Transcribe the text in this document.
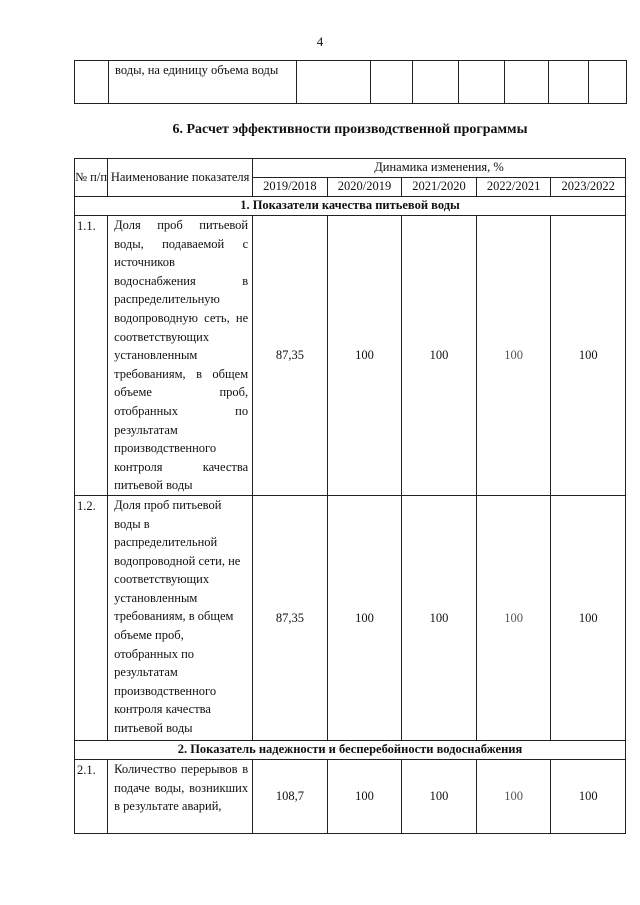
4
	воды, на единицу объема воды							
6. Расчет эффективности производственной программы
№ п/п	Наименование показателя	Динамика изменения, %				
		2019/2018	2020/2019	2021/2020	2022/2021	2023/2022
1. Показатели качества питьевой воды						
1.1.	Доля проб питьевой воды, подаваемой с источников водоснабжения в распределительную водопроводную сеть, не соответствующих установленным требованиям, в общем объеме проб, отобранных по результатам производственного контроля качества питьевой воды	87,35	100	100	100	100
1.2.	Доля проб питьевой воды в распределительной водопроводной сети, не соответствующих установленным требованиям, в общем объеме проб, отобранных по результатам производственного контроля качества питьевой воды	87,35	100	100	100	100
2. Показатель надежности и бесперебойности водоснабжения						
2.1.	Количество перерывов в подаче воды, возникших в результате аварий,	108,7	100	100	100	100
